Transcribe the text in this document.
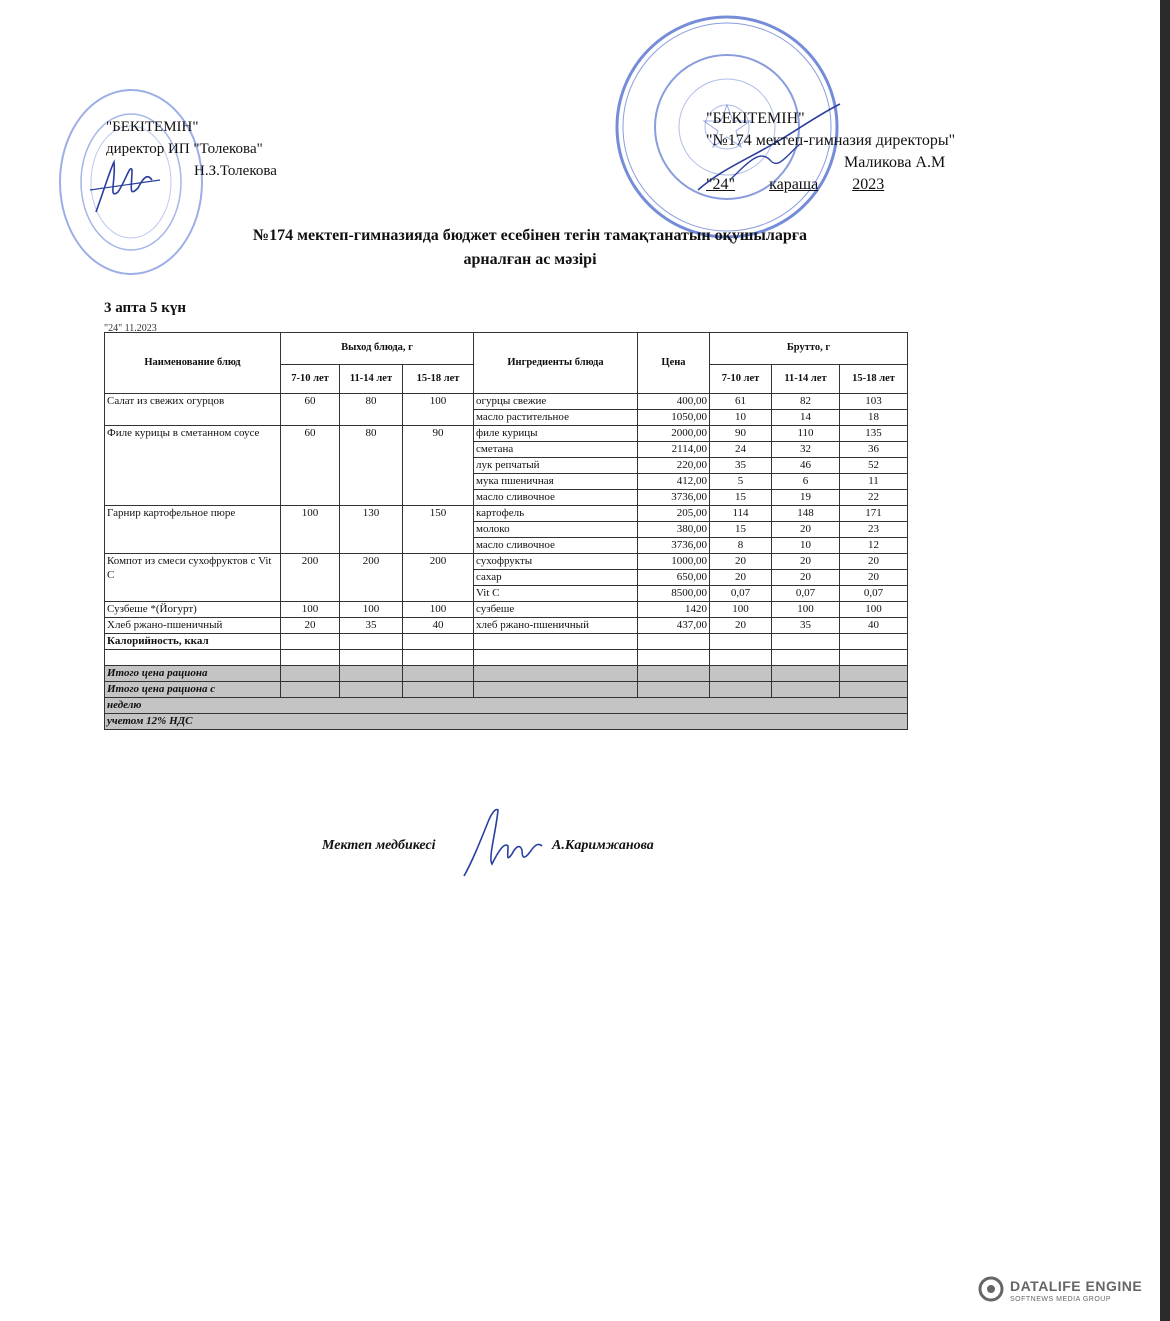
"БЕКІТЕМІН"
директор ИП "Толекова"
Н.З.Толекова
"БЕКІТЕМІН"
"№174 мектеп-гимназия директоры"
Маликова А.М
"24" караша 2023
№174 мектеп-гимназияда бюджет есебінен тегін тамақтанатын оқушыларға
арналған ас мәзірі
3 апта 5 күн
"24" 11.2023
Наименование блюд	Выход блюда, г			Ингредиенты блюда	Цена	Брутто, г		
	7-10 лет	11-14 лет	15-18 лет			7-10 лет	11-14 лет	15-18 лет
Салат из свежих огурцов	60	80	100	огурцы свежие	400,00	61	82	103
				масло растительное	1050,00	10	14	18
Филе курицы в сметанном соусе	60	80	90	филе курицы	2000,00	90	110	135
				сметана	2114,00	24	32	36
				лук репчатый	220,00	35	46	52
				мука пшеничная	412,00	5	6	11
				масло сливочное	3736,00	15	19	22
Гарнир картофельное пюре	100	130	150	картофель	205,00	114	148	171
				молоко	380,00	15	20	23
				масло сливочное	3736,00	8	10	12
Компот из смеси сухофруктов с Vit C	200	200	200	сухофрукты	1000,00	20	20	20
				сахар	650,00	20	20	20
				Vit C	8500,00	0,07	0,07	0,07
Сузбеше *(Йогурт)	100	100	100	сузбеше	1420	100	100	100
Хлеб ржано-пшеничный	20	35	40	хлеб ржано-пшеничный	437,00	20	35	40
Калорийность, ккал								

Итого цена рациона								
Итого цена рациона с								
неделю								
учетом 12% НДС								
Мектеп медбикесі	А.Каримжанова
DATALIFE ENGINE
SOFTNEWS MEDIA GROUP
